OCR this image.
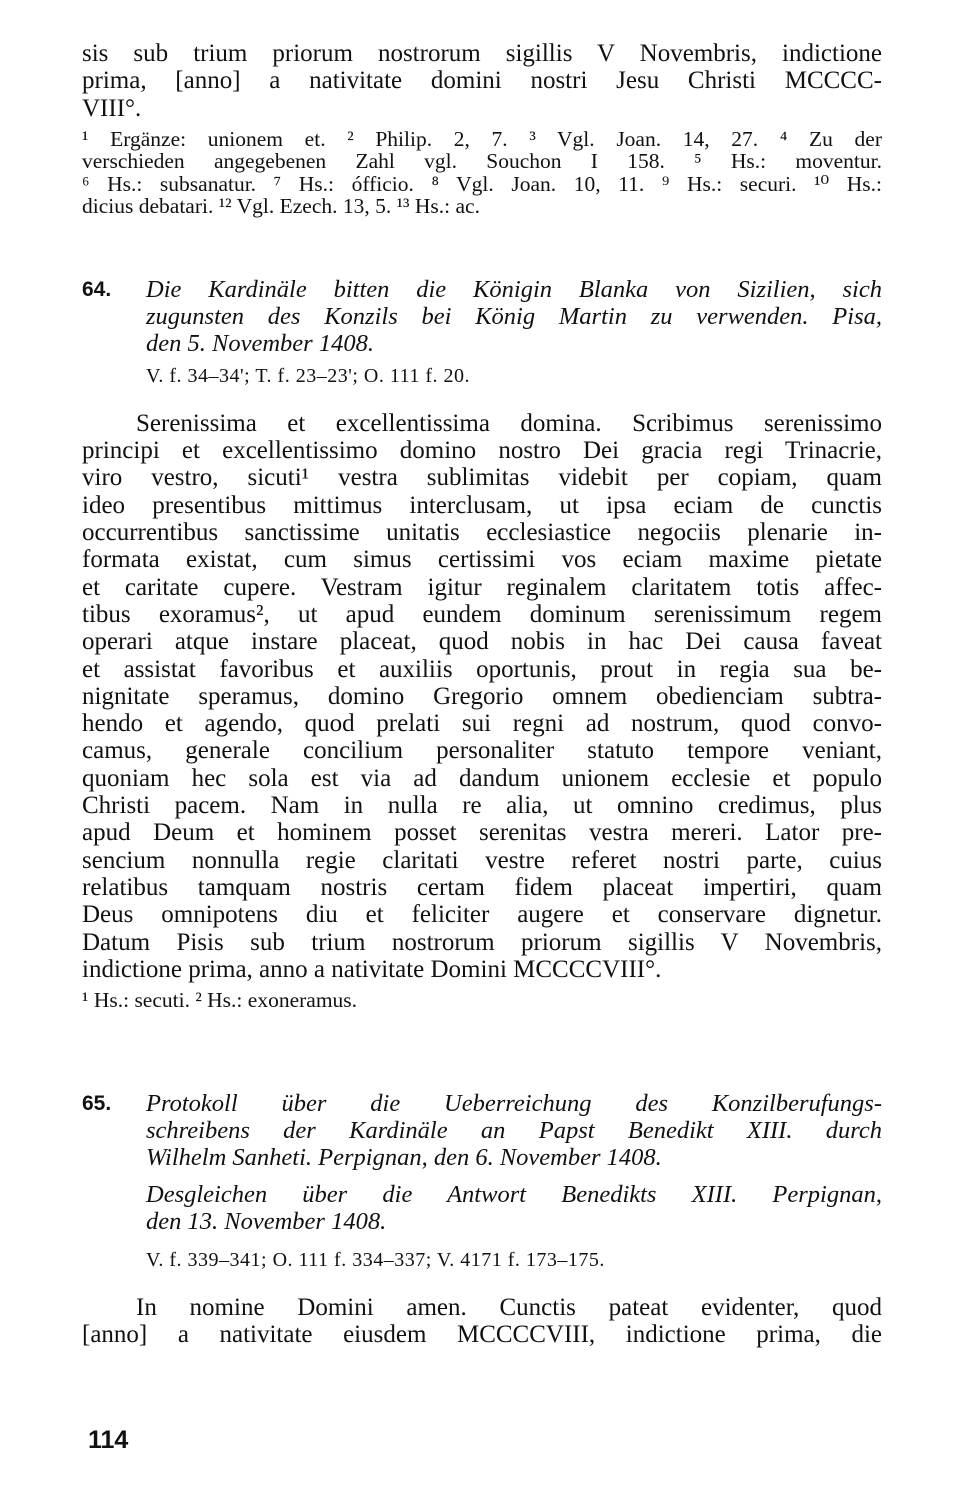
sis sub trium priorum nostrorum sigillis V Novembris, indictione
prima, [anno] a nativitate domini nostri Jesu Christi MCCCC-
VIII°.
¹ Ergänze: unionem et. ² Philip. 2, 7. ³ Vgl. Joan. 14, 27. ⁴ Zu der
verschieden angegebenen Zahl vgl. Souchon I 158. ⁵ Hs.: moventur.
⁶ Hs.: subsanatur. ⁷ Hs.: ófficio. ⁸ Vgl. Joan. 10, 11. ⁹ Hs.: securi. ¹⁰ Hs.:
dicius debatari. ¹² Vgl. Ezech. 13, 5. ¹³ Hs.: ac.
64. Die Kardinäle bitten die Königin Blanka von Sizilien, sich
zugunsten des Konzils bei König Martin zu verwenden. Pisa,
den 5. November 1408.
V. f. 34–34'; T. f. 23–23'; O. 111 f. 20.
Serenissima et excellentissima domina. Scribimus serenissimo
principi et excellentissimo domino nostro Dei gracia regi Trinacrie,
viro vestro, sicuti¹ vestra sublimitas videbit per copiam, quam
ideo presentibus mittimus interclusam, ut ipsa eciam de cunctis
occurrentibus sanctissime unitatis ecclesiastice negociis plenarie in-
formata existat, cum simus certissimi vos eciam maxime pietate
et caritate cupere. Vestram igitur reginalem claritatem totis affec-
tibus exoramus², ut apud eundem dominum serenissimum regem
operari atque instare placeat, quod nobis in hac Dei causa faveat
et assistat favoribus et auxiliis oportunis, prout in regia sua be-
nignitate speramus, domino Gregorio omnem obedienciam subtra-
hendo et agendo, quod prelati sui regni ad nostrum, quod convo-
camus, generale concilium personaliter statuto tempore veniant,
quoniam hec sola est via ad dandum unionem ecclesie et populo
Christi pacem. Nam in nulla re alia, ut omnino credimus, plus
apud Deum et hominem posset serenitas vestra mereri. Lator pre-
sencium nonnulla regie claritati vestre referet nostri parte, cuius
relatibus tamquam nostris certam fidem placeat impertiri, quam
Deus omnipotens diu et feliciter augere et conservare dignetur.
Datum Pisis sub trium nostrorum priorum sigillis V Novembris,
indictione prima, anno a nativitate Domini MCCCCVIII°.
¹ Hs.: secuti. ² Hs.: exoneramus.
65. Protokoll über die Ueberreichung des Konzilberufungs-
schreibens der Kardinäle an Papst Benedikt XIII. durch
Wilhelm Sanheti. Perpignan, den 6. November 1408.
Desgleichen über die Antwort Benedikts XIII. Perpignan,
den 13. November 1408.
V. f. 339–341; O. 111 f. 334–337; V. 4171 f. 173–175.
In nomine Domini amen. Cunctis pateat evidenter, quod
[anno] a nativitate eiusdem MCCCCVIII, indictione prima, die
114
